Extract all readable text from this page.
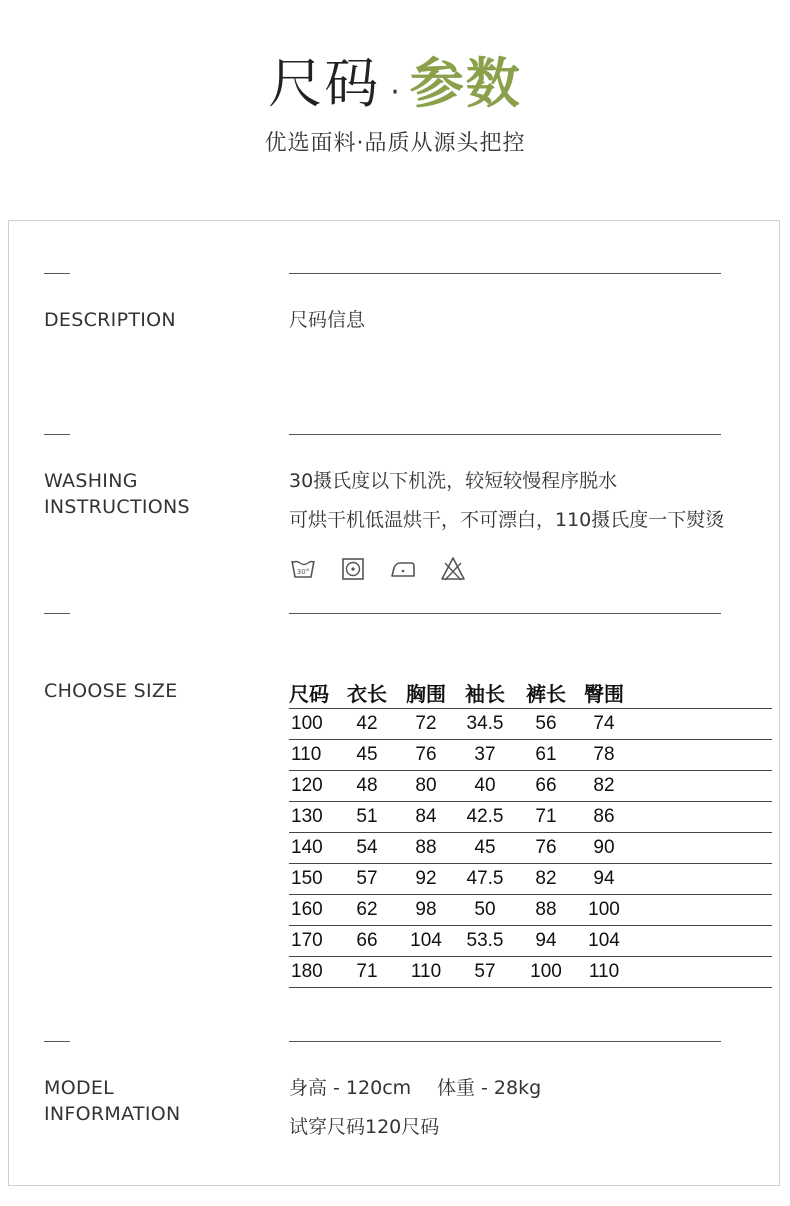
尺码 · 参数
优选面料·品质从源头把控
DESCRIPTION	尺码信息
WASHING
INSTRUCTIONS
30摄氏度以下机洗，较短较慢程序脱水
可烘干机低温烘干，不可漂白，110摄氏度一下熨烫
30°
CHOOSE SIZE	尺码 衣长 胸围 袖长	裤长 臀围
100	42	72	34.5	56	74
110	45	76	37	61	78
120	48	80	40	66	82
130	51	84	42.5	71	86
140	54	88	45	76	90
150	57	92	47.5	82	94
160	62	98	50	88	100
170	66	104	53.5	94	104
180	71	110	57	100	110
MODEL
INFORMATION
身高 - 120cm 体重 - 28kg
试穿尺码120尺码
